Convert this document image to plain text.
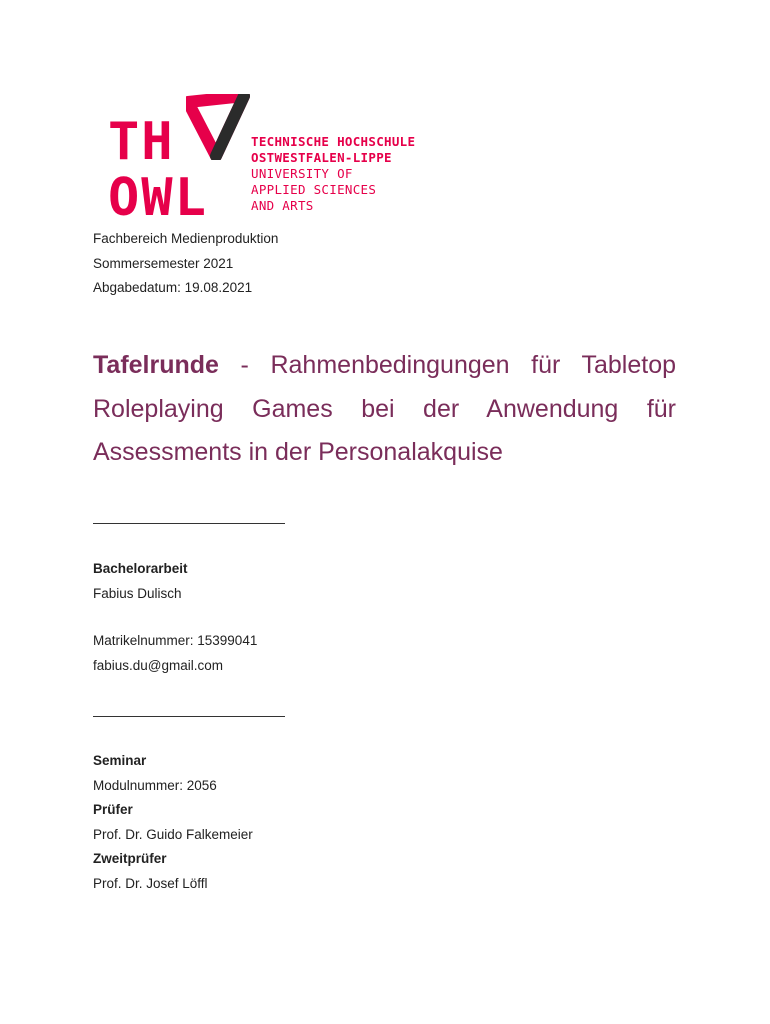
TH
OWL
TECHNISCHE HOCHSCHULE
OSTWESTFALEN-LIPPE
UNIVERSITY OF
APPLIED SCIENCES
AND ARTS
Fachbereich Medienproduktion
Sommersemester 2021
Abgabedatum: 19.08.2021
Tafelrunde - Rahmenbedingungen für Tabletop Roleplaying Games bei der Anwendung für Assessments in der Personalakquise
Bachelorarbeit
Fabius Dulisch
Matrikelnummer: 15399041
fabius.du@gmail.com
Seminar
Modulnummer: 2056
Prüfer
Prof. Dr. Guido Falkemeier
Zweitprüfer
Prof. Dr. Josef Löffl
